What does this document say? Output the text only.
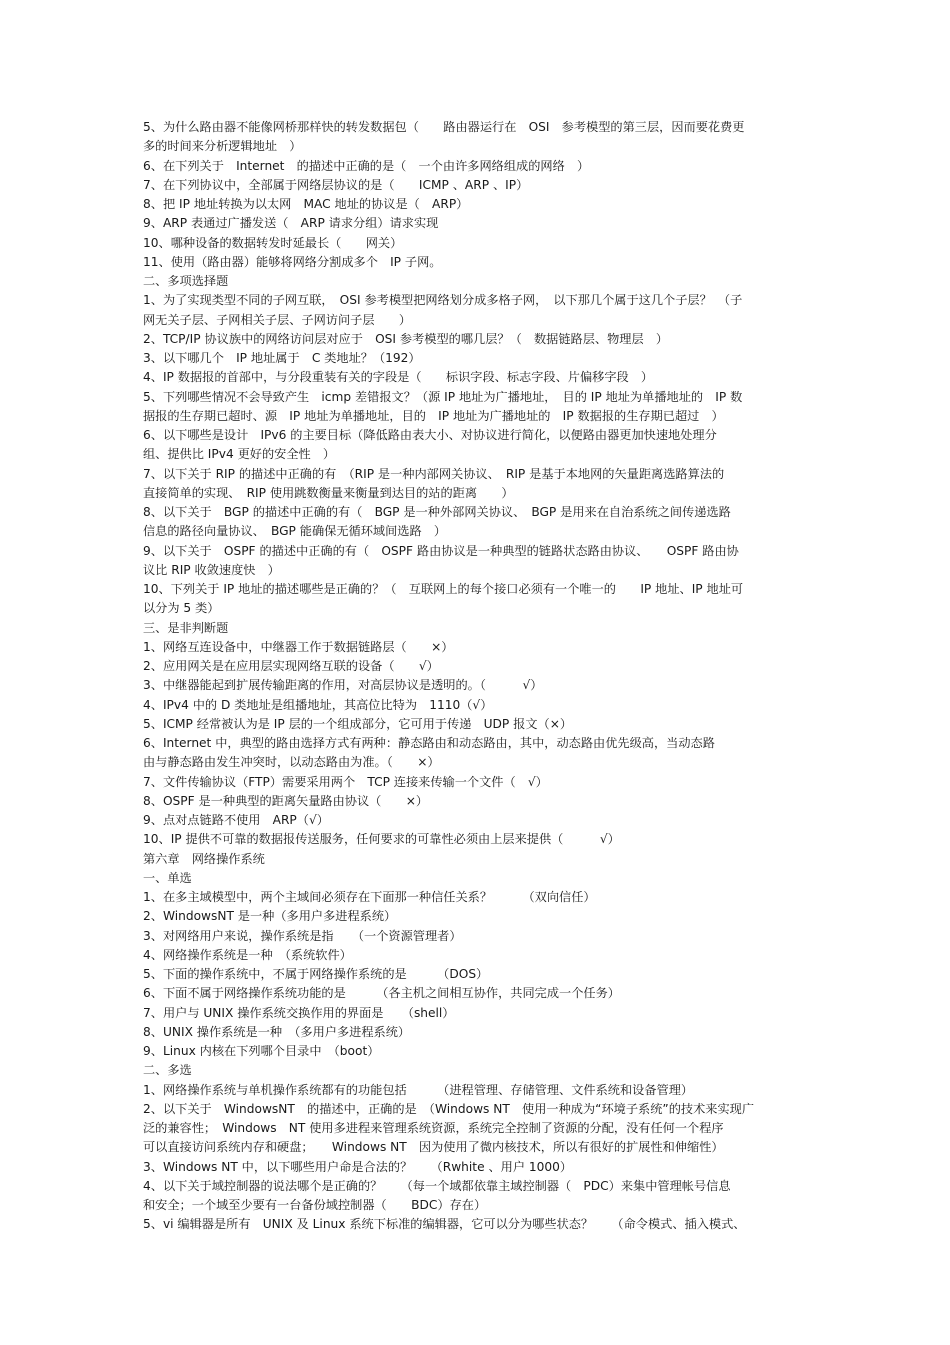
5、为什么路由器不能像网桥那样快的转发数据包（　　路由器运行在　OSI　参考模型的第三层，因而要花费更
多的时间来分析逻辑地址　）
6、在下列关于　Internet　的描述中正确的是（　一个由许多网络组成的网络　）
7、在下列协议中，全部属于网络层协议的是（　　ICMP 、ARP 、IP）
8、把 IP 地址转换为以太网　MAC 地址的协议是（　ARP）
9、ARP 表通过广播发送（　ARP 请求分组）请求实现
10、哪种设备的数据转发时延最长（　　网关）
11、使用（路由器）能够将网络分割成多个　IP 子网。
二、多项选择题
1、为了实现类型不同的子网互联，　OSI 参考模型把网络划分成多格子网，　以下那几个属于这几个子层？　（子
网无关子层、子网相关子层、子网访问子层　　）
2、TCP/IP 协议族中的网络访问层对应于　OSI 参考模型的哪几层？（　数据链路层、物理层　）
3、以下哪几个　IP 地址属于　C 类地址？（192）
4、IP 数据报的首部中，与分段重装有关的字段是（　　标识字段、标志字段、片偏移字段　）
5、下列哪些情况不会导致产生　icmp 差错报文？（源 IP 地址为广播地址，　目的 IP 地址为单播地址的　IP 数
据报的生存期已超时、源　IP 地址为单播地址，目的　IP 地址为广播地址的　IP 数据报的生存期已超过　）
6、以下哪些是设计　IPv6 的主要目标（降低路由表大小、对协议进行简化，以便路由器更加快速地处理分
组、提供比 IPv4 更好的安全性　）
7、以下关于 RIP 的描述中正确的有　（RIP 是一种内部网关协议、　RIP 是基于本地网的矢量距离选路算法的
直接简单的实现、　RIP 使用跳数衡量来衡量到达目的站的距离　　）
8、以下关于　BGP 的描述中正确的有（　BGP 是一种外部网关协议、　BGP 是用来在自治系统之间传递选路
信息的路径向量协议、　BGP 能确保无循环域间选路　）
9、以下关于　OSPF 的描述中正确的有（　OSPF 路由协议是一种典型的链路状态路由协议、　　OSPF 路由协
议比 RIP 收敛速度快　）
10、下列关于 IP 地址的描述哪些是正确的？（　互联网上的每个接口必须有一个唯一的　　IP 地址、IP 地址可
以分为 5 类）
三、是非判断题
1、网络互连设备中，中继器工作于数据链路层（　　×）
2、应用网关是在应用层实现网络互联的设备（　　√）
3、中继器能起到扩展传输距离的作用，对高层协议是透明的。（　　　√）
4、IPv4 中的 D 类地址是组播地址，其高位比特为　1110（√）
5、ICMP 经常被认为是 IP 层的一个组成部分，它可用于传递　UDP 报文（×）
6、Internet 中，典型的路由选择方式有两种：静态路由和动态路由，其中，动态路由优先级高，当动态路
由与静态路由发生冲突时，以动态路由为准。（　　×）
7、文件传输协议（FTP）需要采用两个　TCP 连接来传输一个文件（　√）
8、OSPF 是一种典型的距离矢量路由协议（　　×）
9、点对点链路不使用　ARP（√）
10、IP 提供不可靠的数据报传送服务，任何要求的可靠性必须由上层来提供（　　　√）
第六章　网络操作系统
一、单选
1、在多主域模型中，两个主域间必须存在下面那一种信任关系？　　　（双向信任）
2、WindowsNT 是一种（多用户多进程系统）
3、对网络用户来说，操作系统是指　　（一个资源管理者）
4、网络操作系统是一种　（系统软件）
5、下面的操作系统中，不属于网络操作系统的是　　　（DOS）
6、下面不属于网络操作系统功能的是　　　（各主机之间相互协作，共同完成一个任务）
7、用户与 UNIX 操作系统交换作用的界面是　　（shell）
8、UNIX 操作系统是一种　（多用户多进程系统）
9、Linux 内核在下列哪个目录中　（boot）
二、多选
1、网络操作系统与单机操作系统都有的功能包括　　　（进程管理、存储管理、文件系统和设备管理）
2、以下关于　WindowsNT　的描述中，正确的是　（Windows NT　使用一种成为“环境子系统”的技术来实现广
泛的兼容性；　Windows　NT 使用多进程来管理系统资源，系统完全控制了资源的分配，没有任何一个程序
可以直接访问系统内存和硬盘；　　Windows NT　因为使用了微内核技术，所以有很好的扩展性和伸缩性）
3、Windows NT 中，以下哪些用户命是合法的？　　（Rwhite 、用户 1000）
4、以下关于域控制器的说法哪个是正确的？　　（每一个域都依靠主域控制器（　PDC）来集中管理帐号信息
和安全；一个域至少要有一台备份域控制器（　　BDC）存在）
5、vi 编辑器是所有　UNIX 及 Linux 系统下标准的编辑器，它可以分为哪些状态？　　（命令模式、插入模式、
